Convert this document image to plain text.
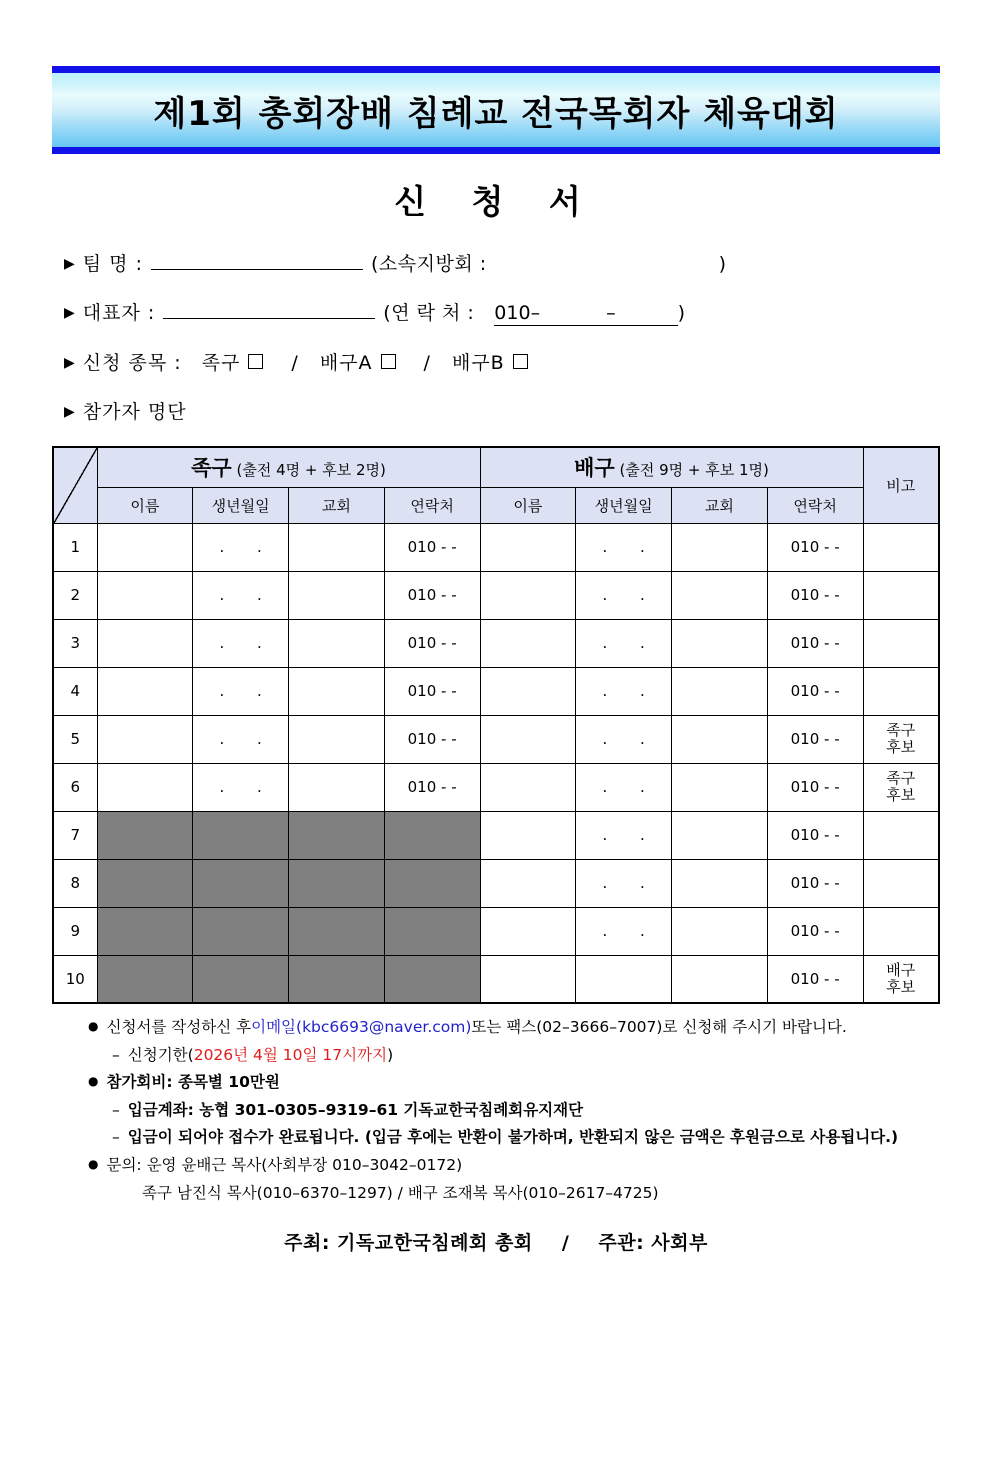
제1회 총회장배 침례교 전국목회자 체육대회
신 청 서
▶ 팀 명 :	(소속지방회 :	)
▶ 대표자 :	(연 락 처 : 010 –	–	)
▶ 신청 종목 : 족구	/ 배구A	/ 배구B
▶ 참가자 명단
	족구 (출전 4명 + 후보 2명)				배구 (출전 9명 + 후보 1명)				비고
	이름	생년월일	교회	연락처	이름	생년월일	교회	연락처	
1		. .		010 - -		. .		010 - -	
2		. .		010 - -		. .		010 - -	
3		. .		010 - -		. .		010 - -	
4		. .		010 - -		. .		010 - -	
5		. .		010 - -		. .		010 - -	족구
후보
6		. .		010 - -		. .		010 - -	족구
후보
7						. .		010 - -	
8						. .		010 - -	
9						. .		010 - -	
10								010 - -	배구
후보
● 신청서를 작성하신 후 이메일(kbc6693@naver.com) 또는 팩스(02–3666–7007)로 신청해 주시기 바랍니다.
– 신청기한( 2026년 4월 10일 17시까지 )
● 참가회비: 종목별 10만원
– 입금계좌: 농협 301–0305–9319–61 기독교한국침례회유지재단
– 입금이 되어야 접수가 완료됩니다. (입금 후에는 반환이 불가하며, 반환되지 않은 금액은 후원금으로 사용됩니다.)
● 문의: 운영 윤배근 목사(사회부장 010–3042–0172)
족구 남진식 목사(010–6370–1297) / 배구 조재복 목사(010–2617–4725)
주최: 기독교한국침례회 총회 / 주관: 사회부
